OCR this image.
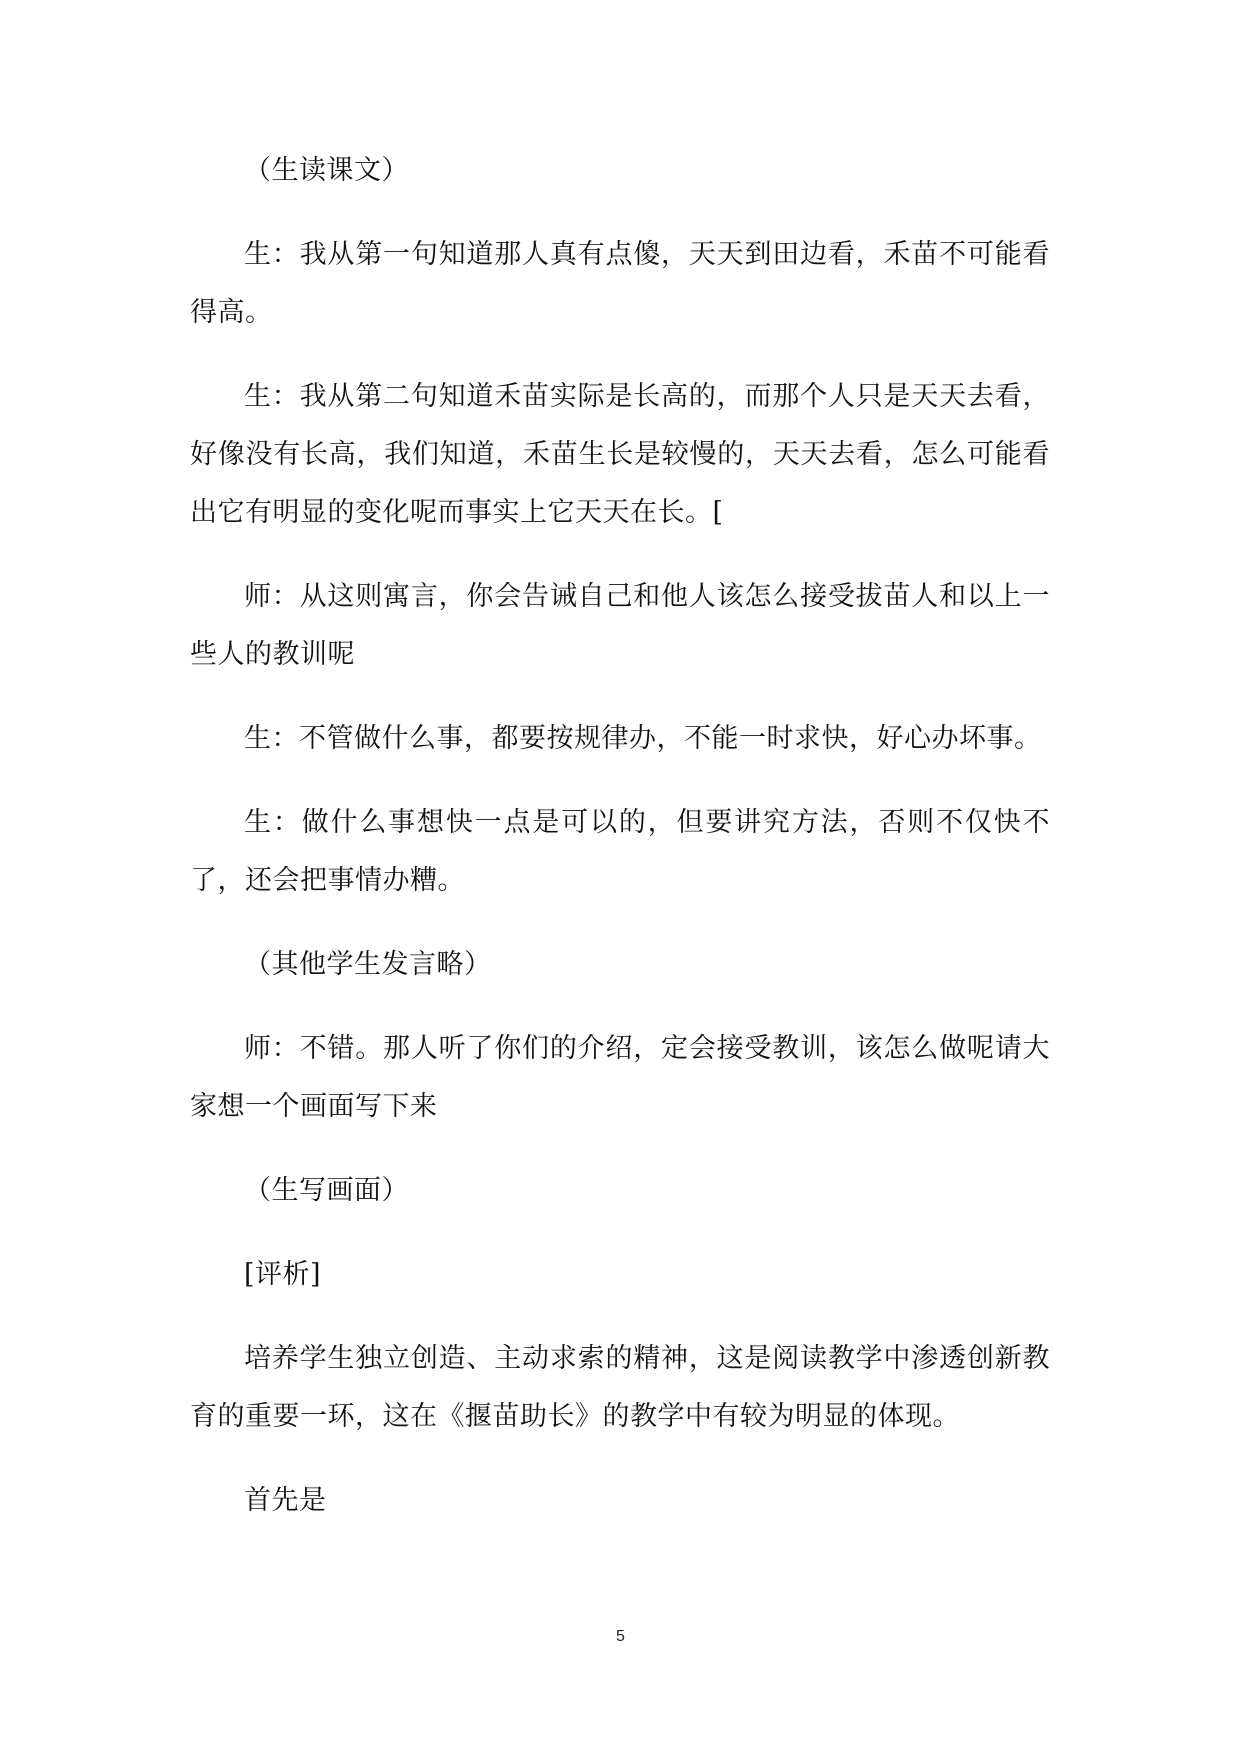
（生读课文）

生：我从第一句知道那人真有点傻，天天到田边看，禾苗不可能看得高。

生：我从第二句知道禾苗实际是长高的，而那个人只是天天去看，好像没有长高，我们知道，禾苗生长是较慢的，天天去看，怎么可能看出它有明显的变化呢而事实上它天天在长。[

师：从这则寓言，你会告诫自己和他人该怎么接受拔苗人和以上一些人的教训呢

生：不管做什么事，都要按规律办，不能一时求快，好心办坏事。

生：做什么事想快一点是可以的，但要讲究方法，否则不仅快不了，还会把事情办糟。

（其他学生发言略）

师：不错。那人听了你们的介绍，定会接受教训，该怎么做呢请大家想一个画面写下来

（生写画面）

[评析]

培养学生独立创造、主动求索的精神，这是阅读教学中渗透创新教育的重要一环，这在《揠苗助长》的教学中有较为明显的体现。

首先是

5
